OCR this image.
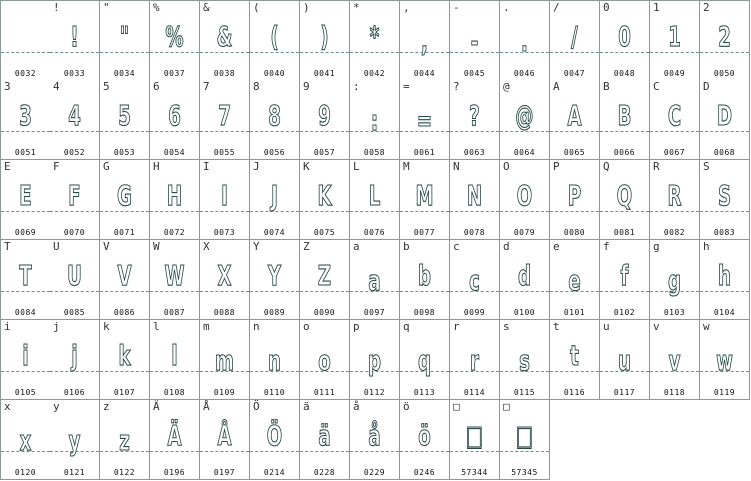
0032
!
!
0033
"
"
0034
%
%
0037
&
&
0038
(
(
0040
)
)
0041
*
*
0042
,
,
0044
-
-
0045
.
.
0046
/
/
0047
0
0
0048
1
1
0049
2
2
0050
3
3
0051
4
4
0052
5
5
0053
6
6
0054
7
7
0055
8
8
0056
9
9
0057
:
:
0058
=
=
0061
?
?
0063
@
@
0064
A
A
0065
B
B
0066
C
C
0067
D
D
0068
E
E
0069
F
F
0070
G
G
0071
H
H
0072
I
I
0073
J
J
0074
K
K
0075
L
L
0076
M
M
0077
N
N
0078
O
O
0079
P
P
0080
Q
Q
0081
R
R
0082
S
S
0083
T
T
0084
U
U
0085
V
V
0086
W
W
0087
X
X
0088
Y
Y
0089
Z
Z
0090
a
a
0097
b
b
0098
c
c
0099
d
d
0100
e
e
0101
f
f
0102
g
g
0103
h
h
0104
i
i
0105
j
j
0106
k
k
0107
l
l
0108
m
m
0109
n
n
0110
o
o
0111
p
p
0112
q
q
0113
r
r
0114
s
s
0115
t
t
0116
u
u
0117
v
v
0118
w
w
0119
x
x
0120
y
y
0121
z
z
0122
Ä
Ä
0196
Å
Å
0197
Ö
Ö
0214
ä
ä
0228
å
å
0229
ö
ö
0246
□
□
57344
□
□
57345
